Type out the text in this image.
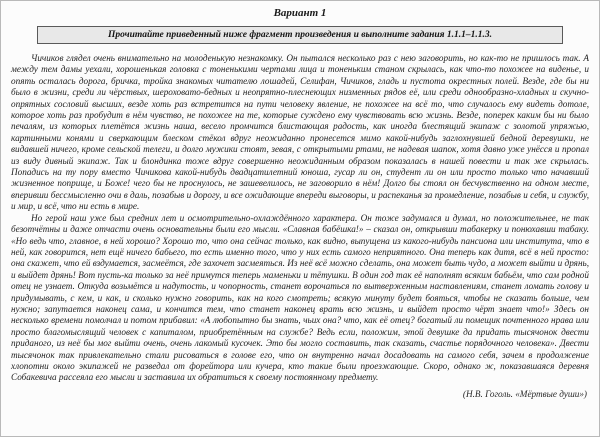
Вариант 1
Прочитайте приведенный ниже фрагмент произведения и выполните задания 1.1.1–1.1.3.

Чичиков глядел очень внимательно на молоденькую незнакомку. Он пытался несколько раз с нею заговорить, но как-то не пришлось так. А между тем дамы уехали, хорошенькая головка с тоненькими чертами лица и тоненьким станом скрылась, как что-то похожее на виденье, и опять осталась дорога, бричка, тройка знакомых читателю лошадей, Селифан, Чичиков, гладь и пустота окрестных полей. Везде, где бы ни было в жизни, среди ли чёрствых, шероховато-бедных и неопрятно-плеснеющих низменных рядов её, или среди однообразно-хладных и скучно-опрятных сословий высших, везде хоть раз встретится на пути человеку явление, не похожее на всё то, что случалось ему видеть дотоле, которое хоть раз пробудит в нём чувство, не похожее на те, которые суждено ему чувствовать всю жизнь. Везде, поперек каким бы ни было печалям, из которых плетётся жизнь наша, весело промчится блистающая радость, как иногда блестящий экипаж с золотой упряжью, картинными конями и сверкающим блеском стёкол вдруг неожиданно пронесется мимо какой-нибудь заглохнувшей бедной деревушки, не видавшей ничего, кроме сельской телеги, и долго мужики стоят, зевая, с открытыми ртами, не надевая шапок, хотя давно уже унёсся и пропал из виду дивный экипаж. Так и блондинка тоже вдруг совершенно неожиданным образом показалась в нашей повести и так же скрылась. Попадись на ту пору вместо Чичикова какой-нибудь двадцатилетний юноша, гусар ли он, студент ли он или просто только что начавший жизненное поприще, и Боже! чего бы не проснулось, не зашевелилось, не заговорило в нём! Долго бы стоял он бесчувственно на одном месте, вперивши бессмысленно очи в даль, позабыв и дорогу, и все ожидающие впереди выговоры, и распеканья за промедление, позабыв и себя, и службу, и мир, и всё, что ни есть в мире.

Но герой наш уже был средних лет и осмотрительно-охлаждённого характера. Он тоже задумался и думал, но положительнее, не так безотчётны и даже отчасти очень основательны были его мысли. «Славная бабёшка!» – сказал он, открывши табакерку и понюхавши табаку. «Но ведь что, главное, в ней хорошо? Хорошо то, что она сейчас только, как видно, выпущена из какого-нибудь пансиона или института, что в ней, как говорится, нет ещё ничего бабьего, то есть именно того, что у них есть самого неприятного. Она теперь как дитя, всё в ней просто: она скажет, что ей вздумается, засмеётся, где захочет засмеяться. Из неё всё можно сделать, она может быть чудо, а может выйти и дрянь, и выйдет дрянь! Вот пусть-ка только за неё примутся теперь маменьки и тётушки. В один год так её наполнят всяким бабьём, что сам родной отец не узнает. Откуда возьмётся и надутость, и чопорность, станет ворочаться по вытверженным наставлениям, станет ломать голову и придумывать, с кем, и как, и сколько нужно говорить, как на кого смотреть; всякую минуту будет бояться, чтобы не сказать больше, чем нужно; запутается наконец сама, и кончится тем, что станет наконец врать всю жизнь, и выйдет просто чёрт знает что!» Здесь он несколько времени помолчал и потом прибавил: «А любопытно бы знать, чьих она? что, как её отец? богатый ли помещик почтенного нрава или просто благомыслящий человек с капиталом, приобретённым на службе? Ведь если, положим, этой девушке да придать тысячонок двести приданого, из неё бы мог выйти очень, очень лакомый кусочек. Это бы могло составить, так сказать, счастье порядочного человека». Двести тысячонок так привлекательно стали рисоваться в голове его, что он внутренно начал досадовать на самого себя, зачем в продолжение хлопотни около экипажей не разведал от форейтора или кучера, кто такие были проезжающие. Скоро, однако ж, показавшаяся деревня Собакевича рассеяла его мысли и заставила их обратиться к своему постоянному предмету.

(Н.В. Гоголь. «Мёртвые души»)
